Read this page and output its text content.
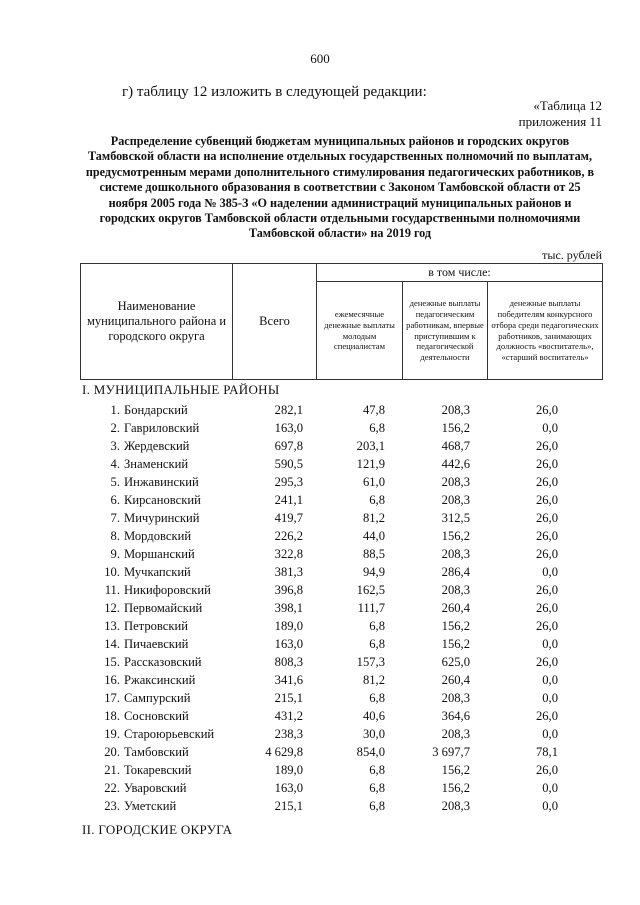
600
г) таблицу 12 изложить в следующей редакции:
«Таблица 12
приложения 11
Распределение субвенций бюджетам муниципальных районов и городских округов Тамбовской области на исполнение отдельных государственных полномочий по выплатам, предусмотренным мерами дополнительного стимулирования педагогических работников, в системе дошкольного образования в соответствии с Законом Тамбовской области от 25 ноября 2005 года № 385-З «О наделении администраций муниципальных районов и городских округов Тамбовской области отдельными государственными полномочиями Тамбовской области» на 2019 год
тыс. рублей
Наименование муниципального района и городского округа	Всего	в том числе:		
		ежемесячные денежные выплаты молодым специалистам	денежные выплаты педагогическим работникам, впервые приступившим к педагогической деятельности	денежные выплаты победителям конкурсного отбора среди педагогических работников, занимающих должность «воспитатель», «старший воспитатель»
I. МУНИЦИПАЛЬНЫЕ РАЙОНЫ
1. Бондарский	282,1	47,8	208,3	26,0
2. Гавриловский	163,0	6,8	156,2	0,0
3. Жердевский	697,8	203,1	468,7	26,0
4. Знаменский	590,5	121,9	442,6	26,0
5. Инжавинский	295,3	61,0	208,3	26,0
6. Кирсановский	241,1	6,8	208,3	26,0
7. Мичуринский	419,7	81,2	312,5	26,0
8. Мордовский	226,2	44,0	156,2	26,0
9. Моршанский	322,8	88,5	208,3	26,0
10. Мучкапский	381,3	94,9	286,4	0,0
11. Никифоровский	396,8	162,5	208,3	26,0
12. Первомайский	398,1	111,7	260,4	26,0
13. Петровский	189,0	6,8	156,2	26,0
14. Пичаевский	163,0	6,8	156,2	0,0
15. Рассказовский	808,3	157,3	625,0	26,0
16. Ржаксинский	341,6	81,2	260,4	0,0
17. Сампурский	215,1	6,8	208,3	0,0
18. Сосновский	431,2	40,6	364,6	26,0
19. Староюрьевский	238,3	30,0	208,3	0,0
20. Тамбовский	4 629,8	854,0	3 697,7	78,1
21. Токаревский	189,0	6,8	156,2	26,0
22. Уваровский	163,0	6,8	156,2	0,0
23. Уметский	215,1	6,8	208,3	0,0
II. ГОРОДСКИЕ ОКРУГА
